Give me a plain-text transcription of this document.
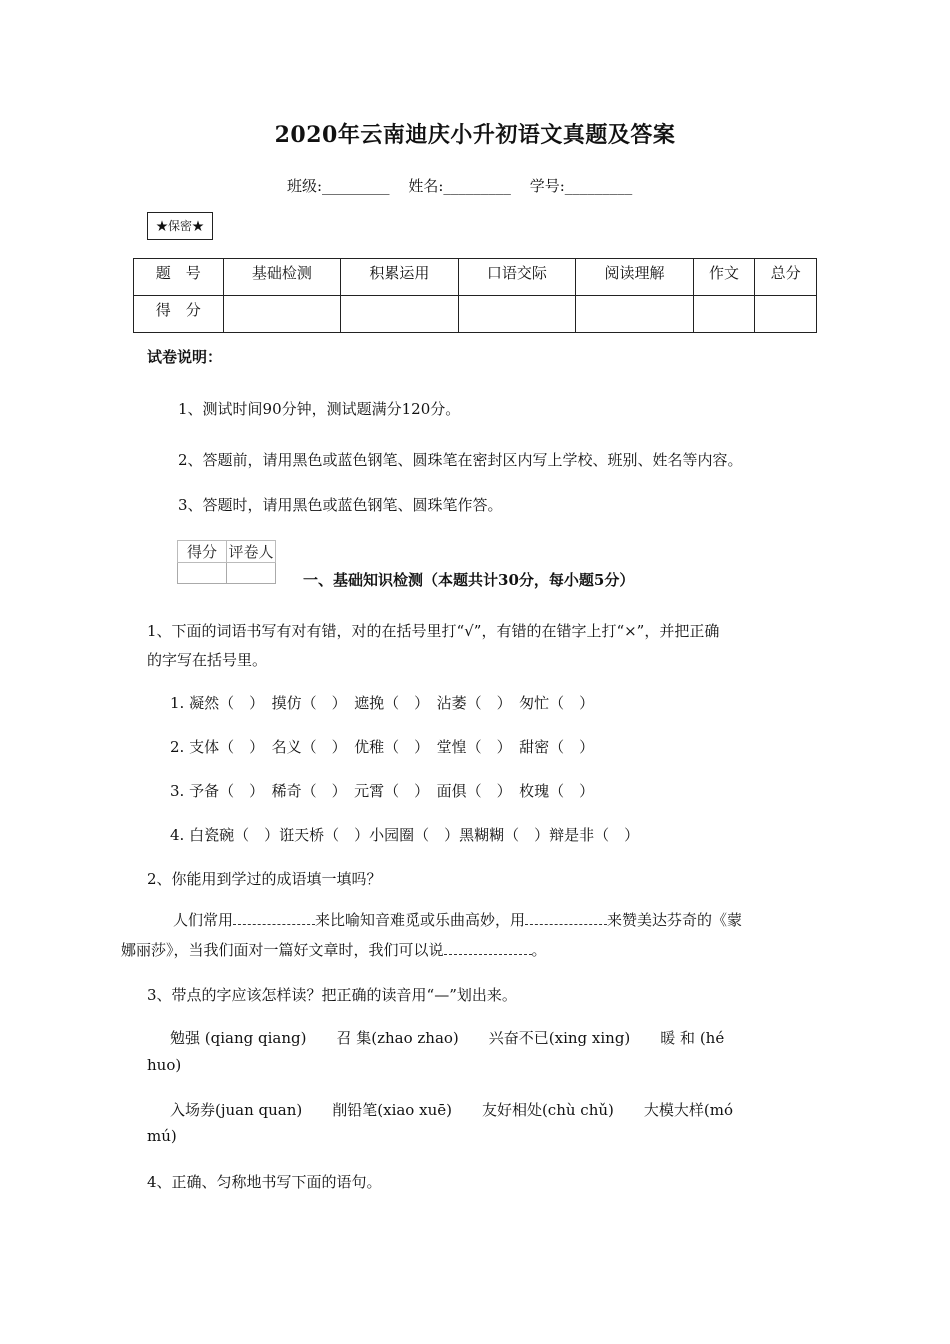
2020年云南迪庆小升初语文真题及答案
班级:_________ 姓名:_________ 学号:_________
★保密★
题　号	基础检测	积累运用	口语交际	阅读理解	作文	总分
得　分						
试卷说明：
1、测试时间90分钟，测试题满分120分。
2、答题前，请用黑色或蓝色钢笔、圆珠笔在密封区内写上学校、班别、姓名等内容。
3、答题时，请用黑色或蓝色钢笔、圆珠笔作答。
得分	评卷人

一、基础知识检测（本题共计30分，每小题5分）
1、下面的词语书写有对有错，对的在括号里打“√”，有错的在错字上打“×”，并把正确
的字写在括号里。
1. 凝然（　）　摸仿（　）　遮挽（　）　沾萎（　）　匆忙（　）
2. 支体（　）　名义（　）　优稚（　）　堂惶（　）　甜密（　）
3. 予备（　）　稀奇（　）　元霄（　）　面俱（　）　枚瑰（　）
4. 白瓷碗（　）诳天桥（　）小园圈（　）黑糊糊（　）辩是非（　）
2、你能用到学过的成语填一填吗？
人们常用	来比喻知音难觅或乐曲高妙，用	来赞美达芬奇的《蒙
娜丽莎》，当我们面对一篇好文章时，我们可以说	。
3、带点的字应该怎样读？把正确的读音用“—”划出来。
勉强 (qiang qiang)　　召 集(zhao zhao)　　兴奋不已(xing xing)　　暖 和 (hé
huo)
入场券(juan quan)　　削铅笔(xiao xuē)　　友好相处(chù chǔ)　　大模大样(mó
mú)
4、正确、匀称地书写下面的语句。
